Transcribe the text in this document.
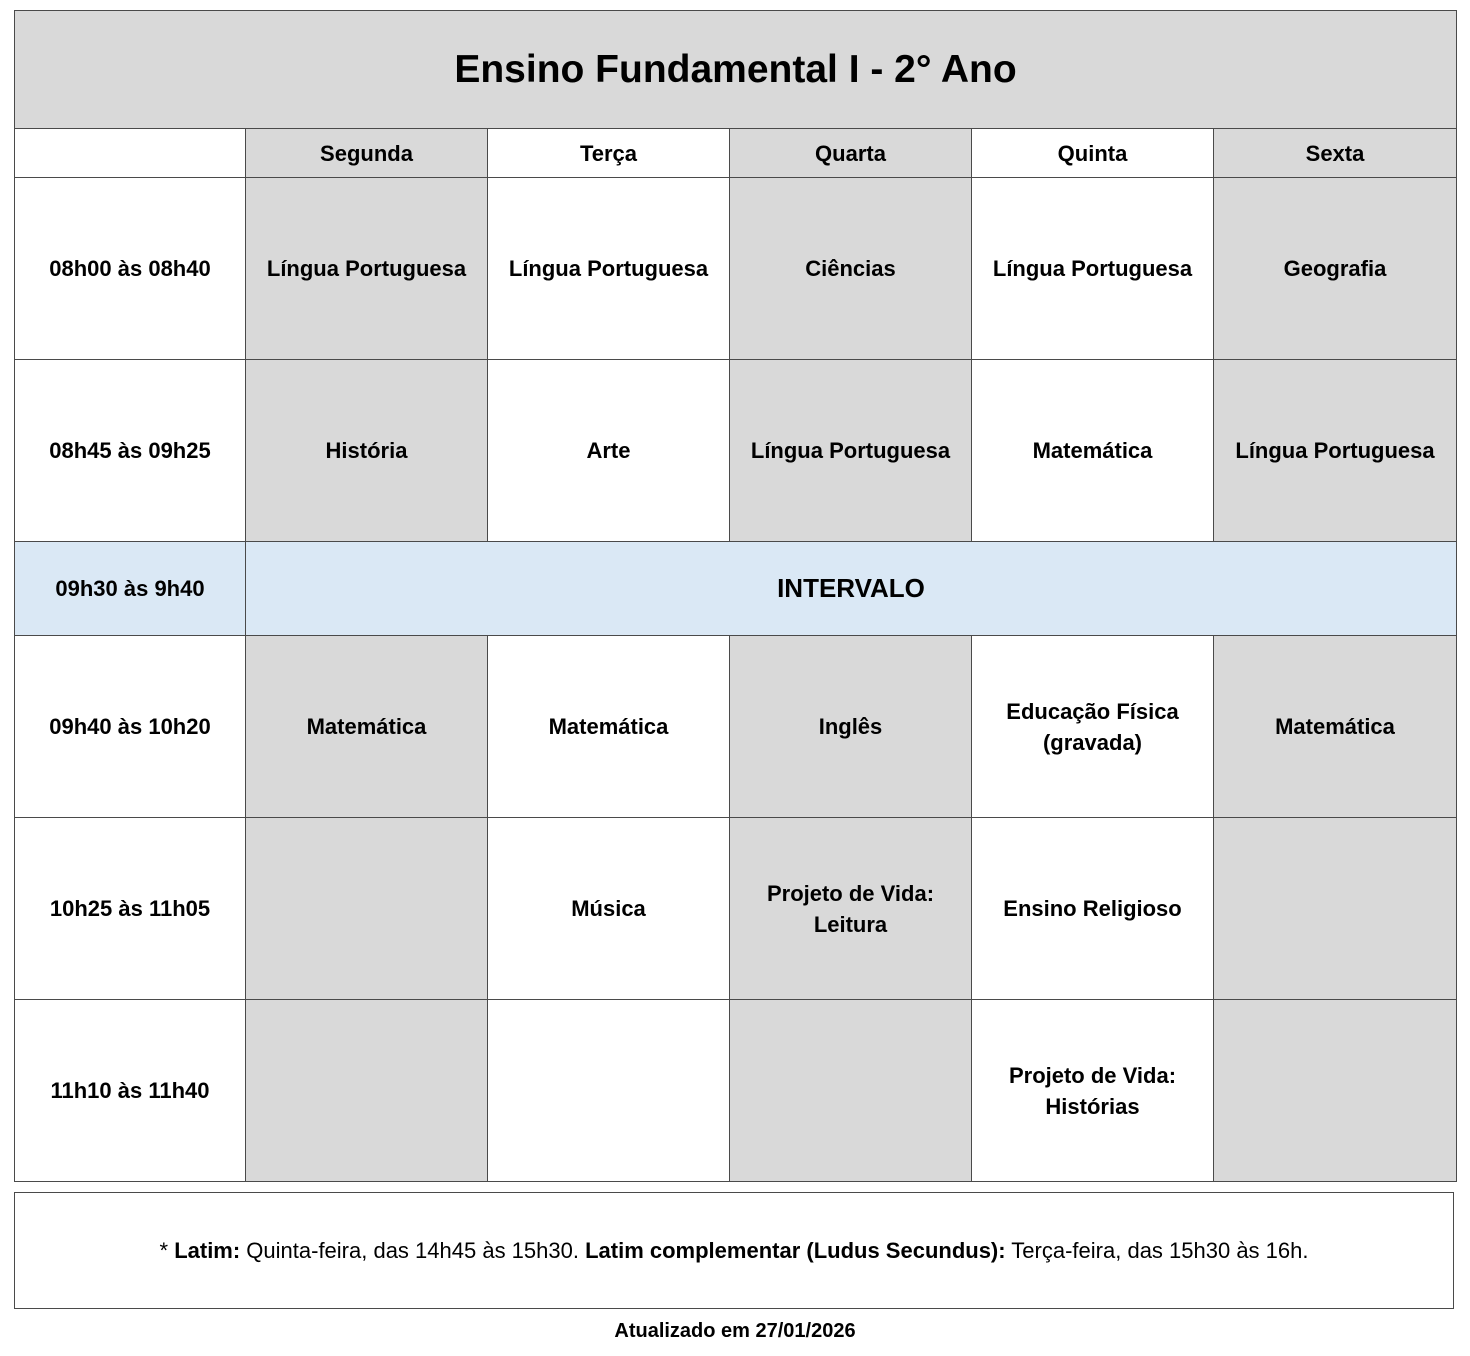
Ensino Fundamental I - 2° Ano					
	Segunda	Terça	Quarta	Quinta	Sexta
08h00 às 08h40	Língua Portuguesa	Língua Portuguesa	Ciências	Língua Portuguesa	Geografia
08h45 às 09h25	História	Arte	Língua Portuguesa	Matemática	Língua Portuguesa
09h30 às 9h40	INTERVALO				
09h40 às 10h20	Matemática	Matemática	Inglês	Educação Física (gravada)	Matemática
10h25 às 11h05		Música	Projeto de Vida: Leitura	Ensino Religioso	
11h10 às 11h40				Projeto de Vida: Histórias	
* Latim: Quinta-feira, das 14h45 às 15h30. Latim complementar (Ludus Secundus): Terça-feira, das 15h30 às 16h.
Atualizado em 27/01/2026
